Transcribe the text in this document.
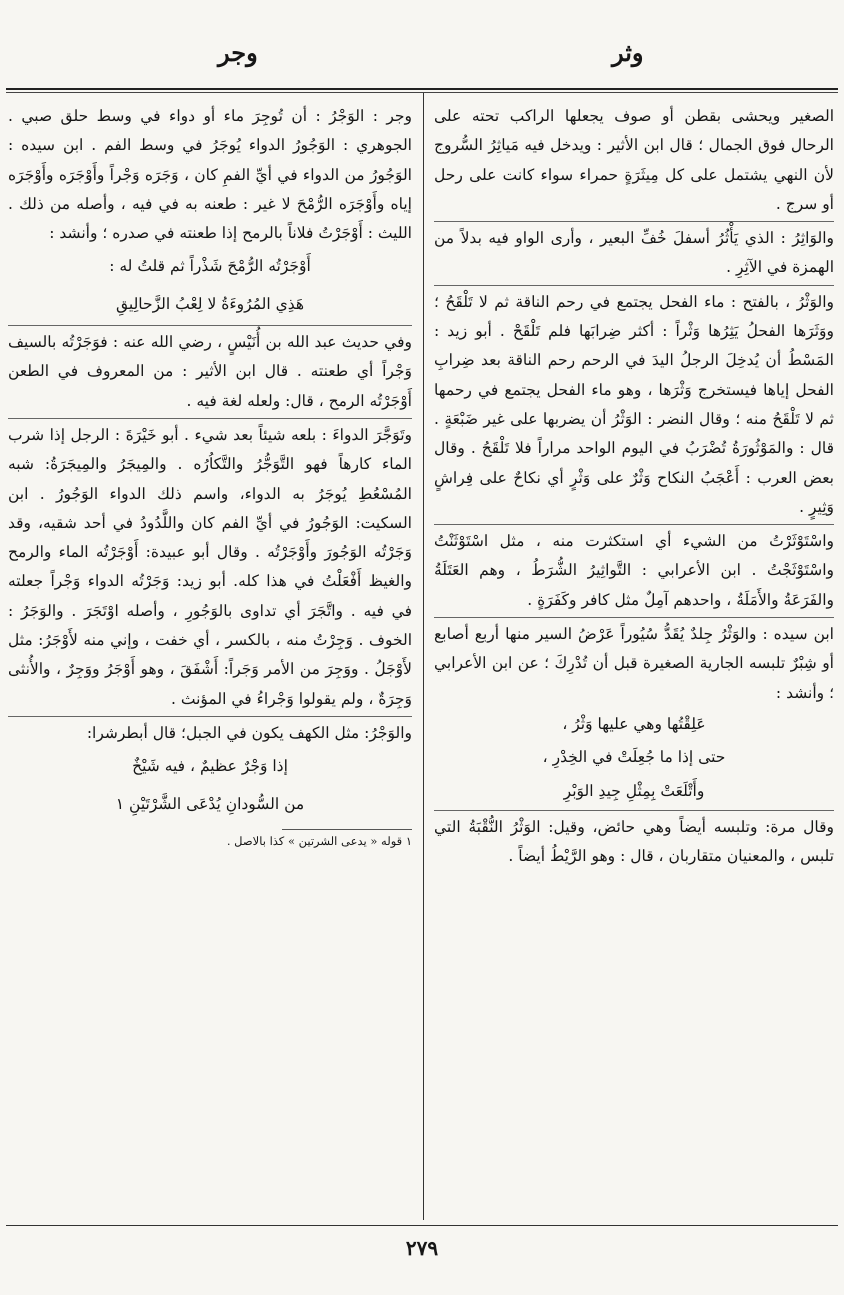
وثر
وجر

الصغير ويحشى بقطن أو صوف يجعلها الراكب تحته على الرحال فوق الجمال ؛ قال ابن الأثير : ويدخل فيه مَياثِرُ السُّروج لأن النهي يشتمل على كل مِيثَرَةٍ حمراء سواء كانت على رحل أو سرج .

والوَاثِرُ : الذي يَأْثُرُ أسفلَ خُفِّ البعير ، وأرى الواو فيه بدلاً من الهمزة في الآثِرِ .

والوَثْرُ ، بالفتح : ماء الفحل يجتمع في رحم الناقة ثم لا تَلْقَحُ ؛ ووَثَرَها الفحلُ يَثِرُها وَثْراً : أكثر ضِرابَها فلم تَلْقَحْ . أبو زيد : المَسْطُ أن يُدخِلَ الرجلُ اليدَ في الرحم رحم الناقة بعد ضِرابِ الفحل إياها فيستخرج وَثْرَها ، وهو ماء الفحل يجتمع في رحمها ثم لا تَلْقَحُ منه ؛ وقال النضر : الوَثْرُ أن يضربها على غير ضَبْعَةٍ . قال : والمَوْثُورَةُ تُضْرَبُ في اليوم الواحد مراراً فلا تَلْقَحُ . وقال بعض العرب : أَعْجَبُ النكاح وَثْرٌ على وَثْرٍ أي نكاحٌ على فِراشٍ وَثِيرٍ .

واسْتَوْثَرْتُ من الشيء أي استكثرت منه ، مثل اسْتَوْثَنْتُ واسْتَوْثَجْتُ . ابن الأعرابي : التَّواثِيرُ الشُّرَطُ ، وهم العَتَلَةُ والفَرَعَةُ والأَمَلَةُ ، واحدهم آمِلٌ مثل كافر وكَفَرَةٍ .

ابن سيده : والوَثْرُ جِلدٌ يُقَدُّ سُيُوراً عَرْضُ السير منها أربع أصابع أو شِبْرٌ تلبسه الجارية الصغيرة قبل أن تُدْرِكَ ؛ عن ابن الأعرابي ؛ وأنشد :

عَلِقْتُها وهي عليها وَثْرُ ،

حتى إذا ما جُعِلَتْ في الخِدْرِ ،

وأَتْلَعَتْ بِمِثْلِ جِيدِ الوَبْرِ

وقال مرة: وتلبسه أيضاً وهي حائض، وقيل: الوَثْرُ النُّقْبَةُ التي تلبس ، والمعنيان متقاربان ، قال : وهو الرَّيْطُ أيضاً .

وجر : الوَجْرُ : أن تُوجِرَ ماء أو دواء في وسط حلق صبي . الجوهري : الوَجُورُ الدواء يُوجَرُ في وسط الفم . ابن سيده : الوَجُورُ من الدواء في أيِّ الفمِ كان ، وَجَرَه وَجْراً وأَوْجَرَه وأَوْجَرَه إياه وأَوْجَرَه الرُّمْحَ لا غير : طعنه به في فيه ، وأصله من ذلك . الليث : أَوْجَرْتُ فلاناً بالرمح إذا طعنته في صدره ؛ وأنشد :

أَوْجَرْتُه الرُّمْحَ شَذْراً ثم قلتُ له :

هَذِي المُرُوءَةُ لا لِعْبُ الزَّحالِيقِ

وفي حديث عبد الله بن أُنَيْسٍ ، رضي الله عنه : فوَجَرْتُه بالسيف وَجْراً أي طعنته . قال ابن الأثير : من المعروف في الطعن أَوْجَرْتُه الرمح ، قال: ولعله لغة فيه .

وتَوَجَّرَ الدواءَ : بلعه شيئاً بعد شيء . أبو خَيْرَةَ : الرجل إذا شرب الماء كارهاً فهو التَّوَجُّرُ والتَّكاُرُه . والمِيجَرُ والمِيجَرَةُ: شبه المُسْعُطِ يُوجَرُ به الدواء، واسم ذلك الدواء الوَجُورُ . ابن السكيت: الوَجُورُ في أيِّ الفم كان واللَّدُودُ في أحد شقيه، وقد وَجَرْتُه الوَجُورَ وأَوْجَرْتُه . وقال أبو عبيدة: أَوْجَرْتُه الماء والرمح والغيظ أَفْعَلْتُ في هذا كله. أبو زيد: وَجَرْتُه الدواء وَجْراً جعلته في فيه . واتَّجَرَ أي تداوى بالوَجُورِ ، وأصله اوْتَجَرَ . والوَجَرُ : الخوف . وَجِرْتُ منه ، بالكسر ، أي خفت ، وإني منه لأَوْجَرُ: مثل لأَوْجَلُ . ووَجِرَ من الأمر وَجَراً: أَشْفَقَ ، وهو أَوْجَرُ ووَجِرٌ ، والأُنثى وَجِرَةٌ ، ولم يقولوا وَجْراءُ في المؤنث .

والوَجْرُ: مثل الكهف يكون في الجبل؛ قال أبطرشرا:

إذا وَجْرٌ عظيمٌ ، فيه شَيْخٌ

من السُّودانِ يُدْعَى الشَّرْتَيْنِ ١

١ قوله « يدعى الشرتين » كذا بالاصل .

٢٧٩
